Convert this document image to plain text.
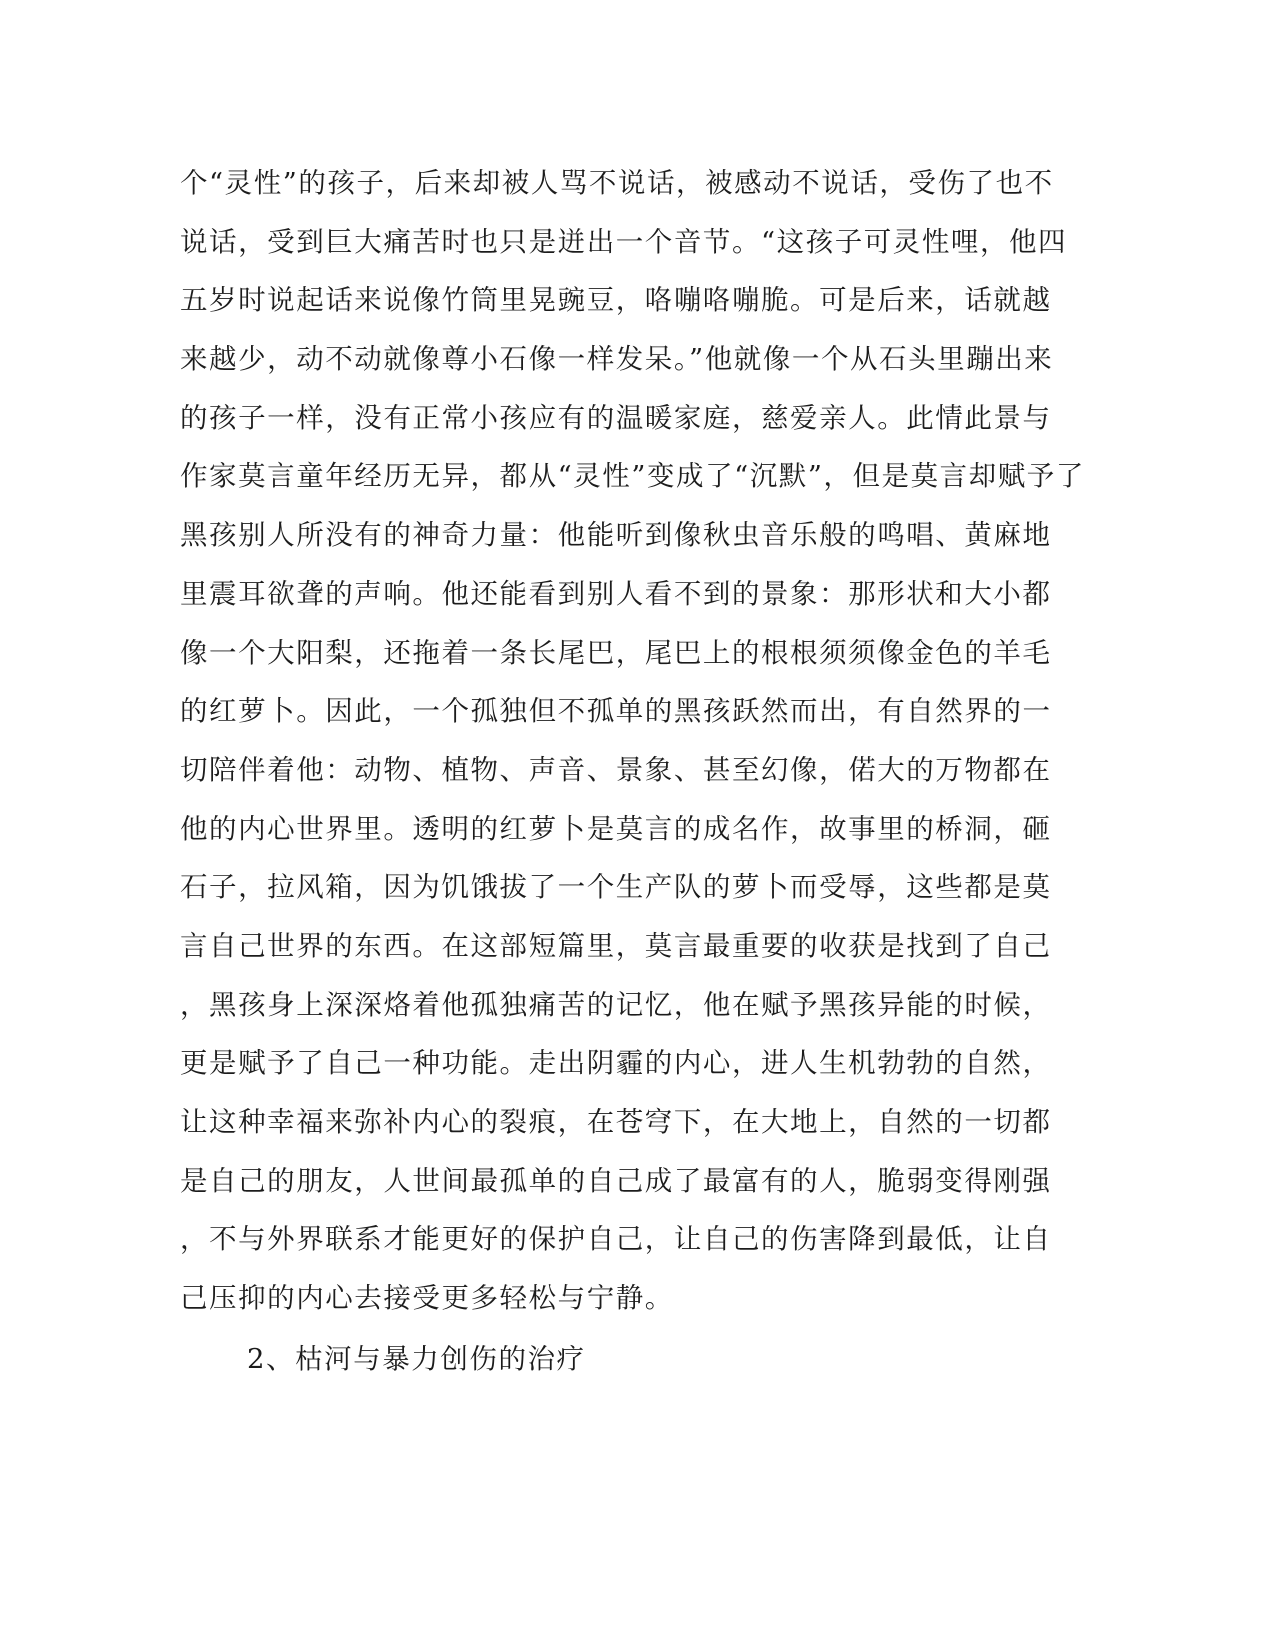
个“灵性”的孩子，后来却被人骂不说话，被感动不说话，受伤了也不
说话，受到巨大痛苦时也只是迸出一个音节。“这孩子可灵性哩，他四
五岁时说起话来说像竹筒里晃豌豆，咯嘣咯嘣脆。可是后来，话就越
来越少，动不动就像尊小石像一样发呆。”他就像一个从石头里蹦出来
的孩子一样，没有正常小孩应有的温暖家庭，慈爱亲人。此情此景与
作家莫言童年经历无异，都从“灵性”变成了“沉默”，但是莫言却赋予了
黑孩别人所没有的神奇力量：他能听到像秋虫音乐般的鸣唱、黄麻地
里震耳欲聋的声响。他还能看到别人看不到的景象：那形状和大小都
像一个大阳梨，还拖着一条长尾巴，尾巴上的根根须须像金色的羊毛
的红萝卜。因此，一个孤独但不孤单的黑孩跃然而出，有自然界的一
切陪伴着他：动物、植物、声音、景象、甚至幻像，偌大的万物都在
他的内心世界里。透明的红萝卜是莫言的成名作，故事里的桥洞，砸
石子，拉风箱，因为饥饿拔了一个生产队的萝卜而受辱，这些都是莫
言自己世界的东西。在这部短篇里，莫言最重要的收获是找到了自己
，黑孩身上深深烙着他孤独痛苦的记忆，他在赋予黑孩异能的时候，
更是赋予了自己一种功能。走出阴霾的内心，进人生机勃勃的自然，
让这种幸福来弥补内心的裂痕，在苍穹下，在大地上，自然的一切都
是自己的朋友，人世间最孤单的自己成了最富有的人，脆弱变得刚强
，不与外界联系才能更好的保护自己，让自己的伤害降到最低，让自
己压抑的内心去接受更多轻松与宁静。
2、枯河与暴力创伤的治疗
